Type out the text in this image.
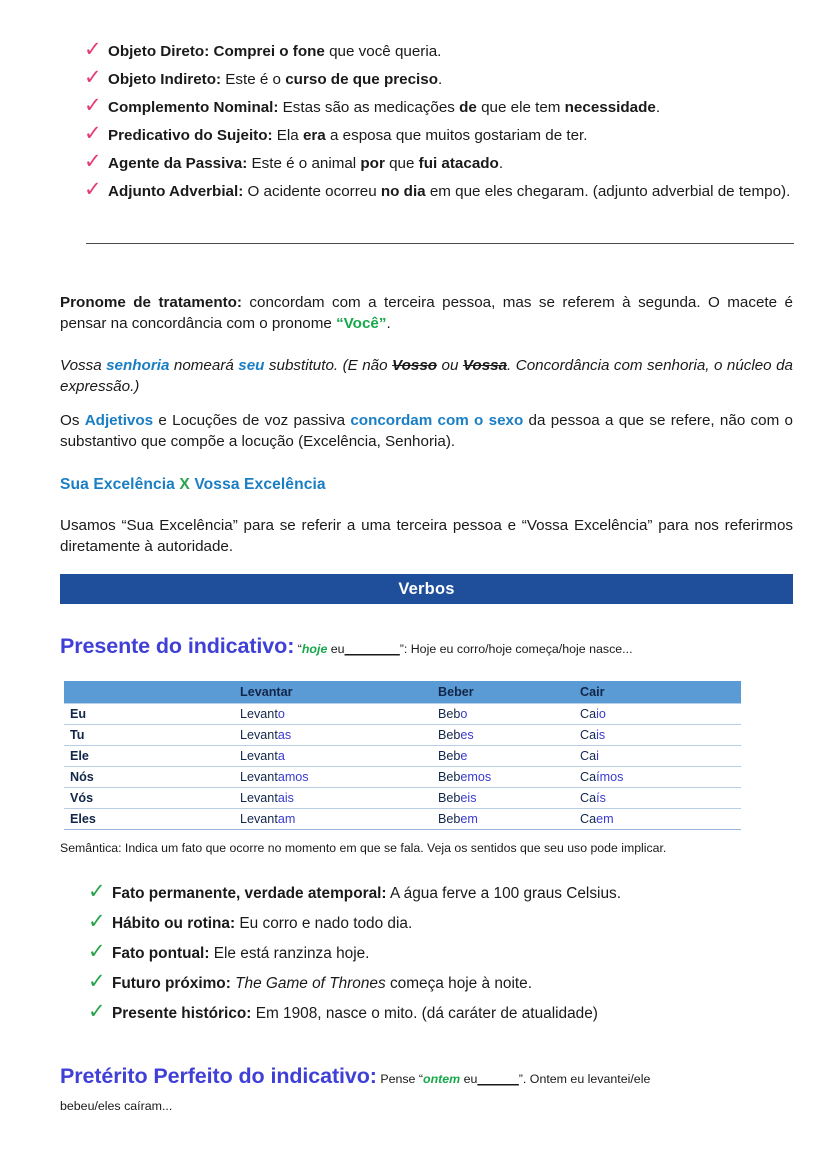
✓ Objeto Direto: Comprei o fone que você queria.
✓ Objeto Indireto: Este é o curso de que preciso.
✓ Complemento Nominal: Estas são as medicações de que ele tem necessidade.
✓ Predicativo do Sujeito: Ela era a esposa que muitos gostariam de ter.
✓ Agente da Passiva: Este é o animal por que fui atacado.
✓ Adjunto Adverbial: O acidente ocorreu no dia em que eles chegaram. (adjunto adverbial de tempo).
Pronome de tratamento: concordam com a terceira pessoa, mas se referem à segunda. O macete é pensar na concordância com o pronome “Você”.
Vossa senhoria nomeará seu substituto. (E não Vosso ou Vossa. Concordância com senhoria, o núcleo da expressão.)
Os Adjetivos e Locuções de voz passiva concordam com o sexo da pessoa a que se refere, não com o substantivo que compõe a locução (Excelência, Senhoria).
Sua Excelência X Vossa Excelência
Usamos “Sua Excelência” para se referir a uma terceira pessoa e “Vossa Excelência” para nos referirmos diretamente à autoridade.
Verbos
Presente do indicativo: “hoje eu________”: Hoje eu corro/hoje começa/hoje nasce...
	Levantar	Beber	Cair
Eu	Levanto	Bebo	Caio
Tu	Levantas	Bebes	Cais
Ele	Levanta	Bebe	Cai
Nós	Levantamos	Bebemos	Caímos
Vós	Levantais	Bebeis	Caís
Eles	Levantam	Bebem	Caem
Semântica: Indica um fato que ocorre no momento em que se fala. Veja os sentidos que seu uso pode implicar.
✓ Fato permanente, verdade atemporal: A água ferve a 100 graus Celsius.
✓ Hábito ou rotina: Eu corro e nado todo dia.
✓ Fato pontual: Ele está ranzinza hoje.
✓ Futuro próximo: The Game of Thrones começa hoje à noite.
✓ Presente histórico: Em 1908, nasce o mito. (dá caráter de atualidade)
Pretérito Perfeito do indicativo: Pense “ontem eu______”. Ontem eu levantei/ele
bebeu/eles caíram...
